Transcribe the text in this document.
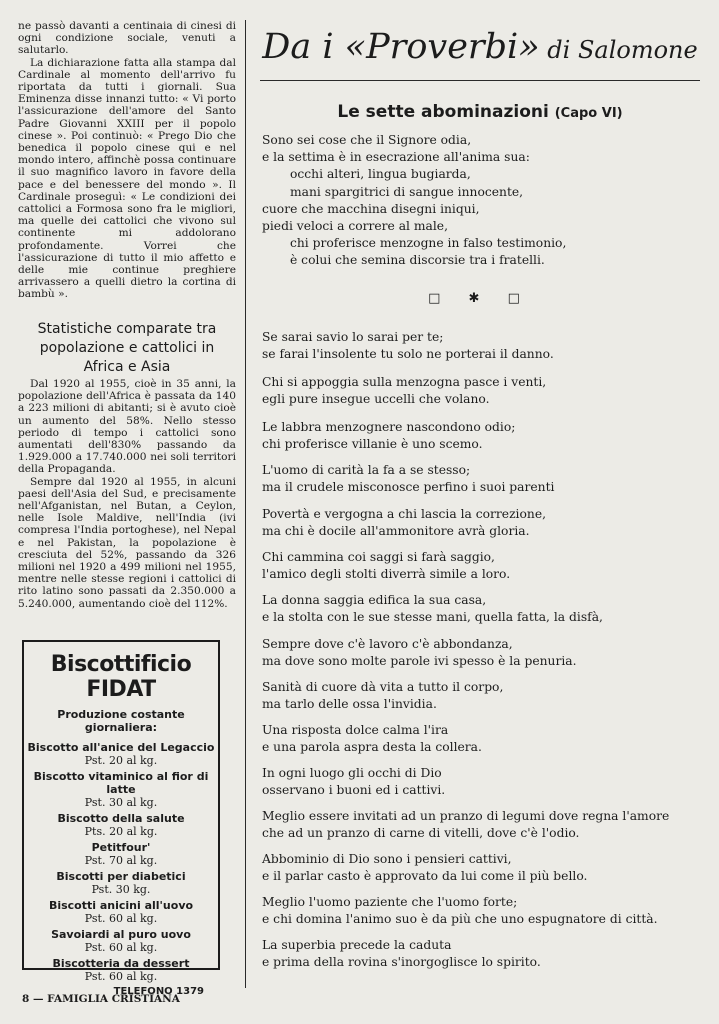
ne passò davanti a centinaia di cinesi di ogni condizione sociale, venuti a salutarlo.

La dichiarazione fatta alla stampa dal Cardinale al momento dell'arrivo fu riportata da tutti i giornali. Sua Eminenza disse innanzi tutto: « Vi porto l'assicurazione dell'amore del Santo Padre Giovanni XXIII per il popolo cinese ». Poi continuò: « Prego Dio che benedica il popolo cinese qui e nel mondo intero, affinchè possa continuare il suo magnifico lavoro in favore della pace e del benessere del mondo ». Il Cardinale proseguì: « Le condizioni dei cattolici a Formosa sono fra le migliori, ma quelle dei cattolici che vivono sul continente mi addolorano profondamente. Vorrei che l'assicurazione di tutto il mio affetto e delle mie continue preghiere arrivassero a quelli dietro la cortina di bambù ».

Statistiche comparate tra popolazione e cattolici in Africa e Asia

Dal 1920 al 1955, cioè in 35 anni, la popolazione dell'Africa è passata da 140 a 223 milioni di abitanti; si è avuto cioè un aumento del 58%. Nello stesso periodo di tempo i cattolici sono aumentati dell'830% passando da 1.929.000 a 17.740.000 nei soli territori della Propaganda.

Sempre dal 1920 al 1955, in alcuni paesi dell'Asia del Sud, e precisamente nell'Afganistan, nel Butan, a Ceylon, nelle Isole Maldive, nell'India (ivi compresa l'India portoghese), nel Nepal e nel Pakistan, la popolazione è cresciuta del 52%, passando da 326 milioni nel 1920 a 499 milioni nel 1955, mentre nelle stesse regioni i cattolici di rito latino sono passati da 2.350.000 a 5.240.000, aumentando cioè del 112%.

Biscottificio FIDAT
Produzione costante giornaliera:
Biscotto all'anice del Legaccio
Pst. 20 al kg.
Biscotto vitaminico al fior di latte
Pst. 30 al kg.
Biscotto della salute
Pts. 20 al kg.
Petitfour'
Pst. 70 al kg.
Biscotti per diabetici
Pst. 30 kg.
Biscotti anicini all'uovo
Pst. 60 al kg.
Savoiardi al puro uovo
Pst. 60 al kg.
Biscotteria da dessert
Pst. 60 al kg.
TELEFONO 1379
Da i «Proverbi» di Salomone
Le sette abominazioni (Capo VI)
Sono sei cose che il Signore odia,
e la settima è in esecrazione all'anima sua:
occhi alteri, lingua bugiarda,
mani spargitrici di sangue innocente,
cuore che macchina disegni iniqui,
piedi veloci a correre al male,
chi proferisce menzogne in falso testimonio,
è colui che semina discorsie tra i fratelli.
□ ✱ □
Se sarai savio lo sarai per te;
se farai l'insolente tu solo ne porterai il danno.
Chi si appoggia sulla menzogna pasce i venti,
egli pure insegue uccelli che volano.
Le labbra menzognere nascondono odio;
chi proferisce villanie è uno scemo.
L'uomo di carità la fa a se stesso;
ma il crudele misconosce perfino i suoi parenti
Povertà e vergogna a chi lascia la correzione,
ma chi è docile all'ammonitore avrà gloria.
Chi cammina coi saggi si farà saggio,
l'amico degli stolti diverrà simile a loro.
La donna saggia edifica la sua casa,
e la stolta con le sue stesse mani, quella fatta, la disfà,
Sempre dove c'è lavoro c'è abbondanza,
ma dove sono molte parole ivi spesso è la penuria.
Sanità di cuore dà vita a tutto il corpo,
ma tarlo delle ossa l'invidia.
Una risposta dolce calma l'ira
e una parola aspra desta la collera.
In ogni luogo gli occhi di Dio
osservano i buoni ed i cattivi.
Meglio essere invitati ad un pranzo di legumi dove regna l'amore
che ad un pranzo di carne di vitelli, dove c'è l'odio.
Abbominio di Dio sono i pensieri cattivi,
e il parlar casto è approvato da lui come il più bello.
Meglio l'uomo paziente che l'uomo forte;
e chi domina l'animo suo è da più che uno espugnatore di città.
La superbia precede la caduta
e prima della rovina s'inorgoglisce lo spirito.
8 — FAMIGLIA CRISTIANA
